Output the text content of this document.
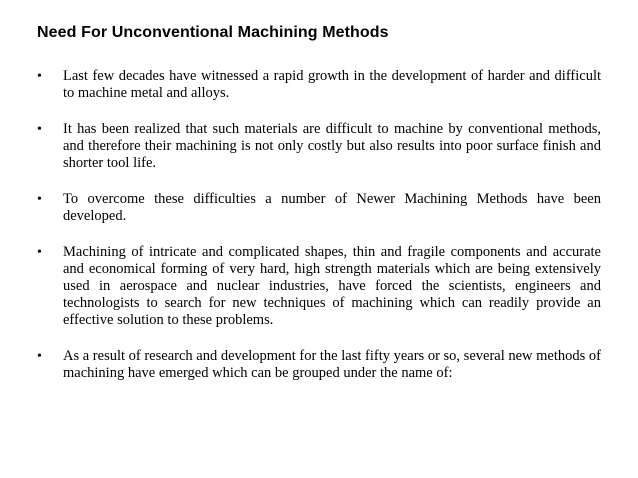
Need For Unconventional Machining Methods
• Last few decades have witnessed a rapid growth in the development of harder and difficult to machine metal and alloys.
• It has been realized that such materials are difficult to machine by conventional methods, and therefore their machining is not only costly but also results into poor surface finish and shorter tool life.
• To overcome these difficulties a number of Newer Machining Methods have been developed.
• Machining of intricate and complicated shapes, thin and fragile components and accurate and economical forming of very hard, high strength materials which are being extensively used in aerospace and nuclear industries, have forced the scientists, engineers and technologists to search for new techniques of machining which can readily provide an effective solution to these problems.
• As a result of research and development for the last fifty years or so, several new methods of machining have emerged which can be grouped under the name of:
